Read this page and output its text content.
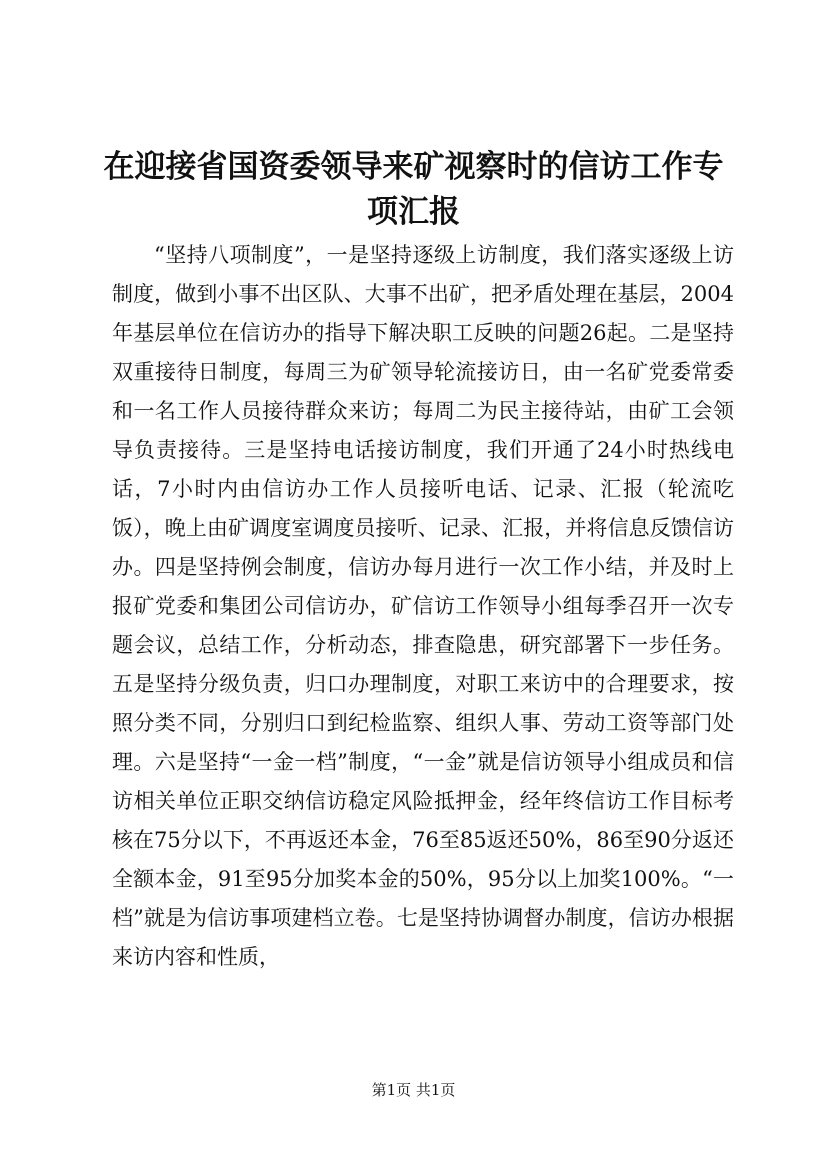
在迎接省国资委领导来矿视察时的信访工作专项汇报

“坚持八项制度”，一是坚持逐级上访制度，我们落实逐级上访制度，做到小事不出区队、大事不出矿，把矛盾处理在基层，2004年基层单位在信访办的指导下解决职工反映的问题26起。二是坚持双重接待日制度，每周三为矿领导轮流接访日，由一名矿党委常委和一名工作人员接待群众来访；每周二为民主接待站，由矿工会领导负责接待。三是坚持电话接访制度，我们开通了24小时热线电话，7小时内由信访办工作人员接听电话、记录、汇报（轮流吃饭），晚上由矿调度室调度员接听、记录、汇报，并将信息反馈信访办。四是坚持例会制度，信访办每月进行一次工作小结，并及时上报矿党委和集团公司信访办，矿信访工作领导小组每季召开一次专题会议，总结工作，分析动态，排查隐患，研究部署下一步任务。五是坚持分级负责，归口办理制度，对职工来访中的合理要求，按照分类不同，分别归口到纪检监察、组织人事、劳动工资等部门处理。六是坚持“一金一档”制度，“一金”就是信访领导小组成员和信访相关单位正职交纳信访稳定风险抵押金，经年终信访工作目标考核在75分以下，不再返还本金，76至85返还50%，86至90分返还全额本金，91至95分加奖本金的50%，95分以上加奖100%。“一档”就是为信访事项建档立卷。七是坚持协调督办制度，信访办根据来访内容和性质，

第1页 共1页
